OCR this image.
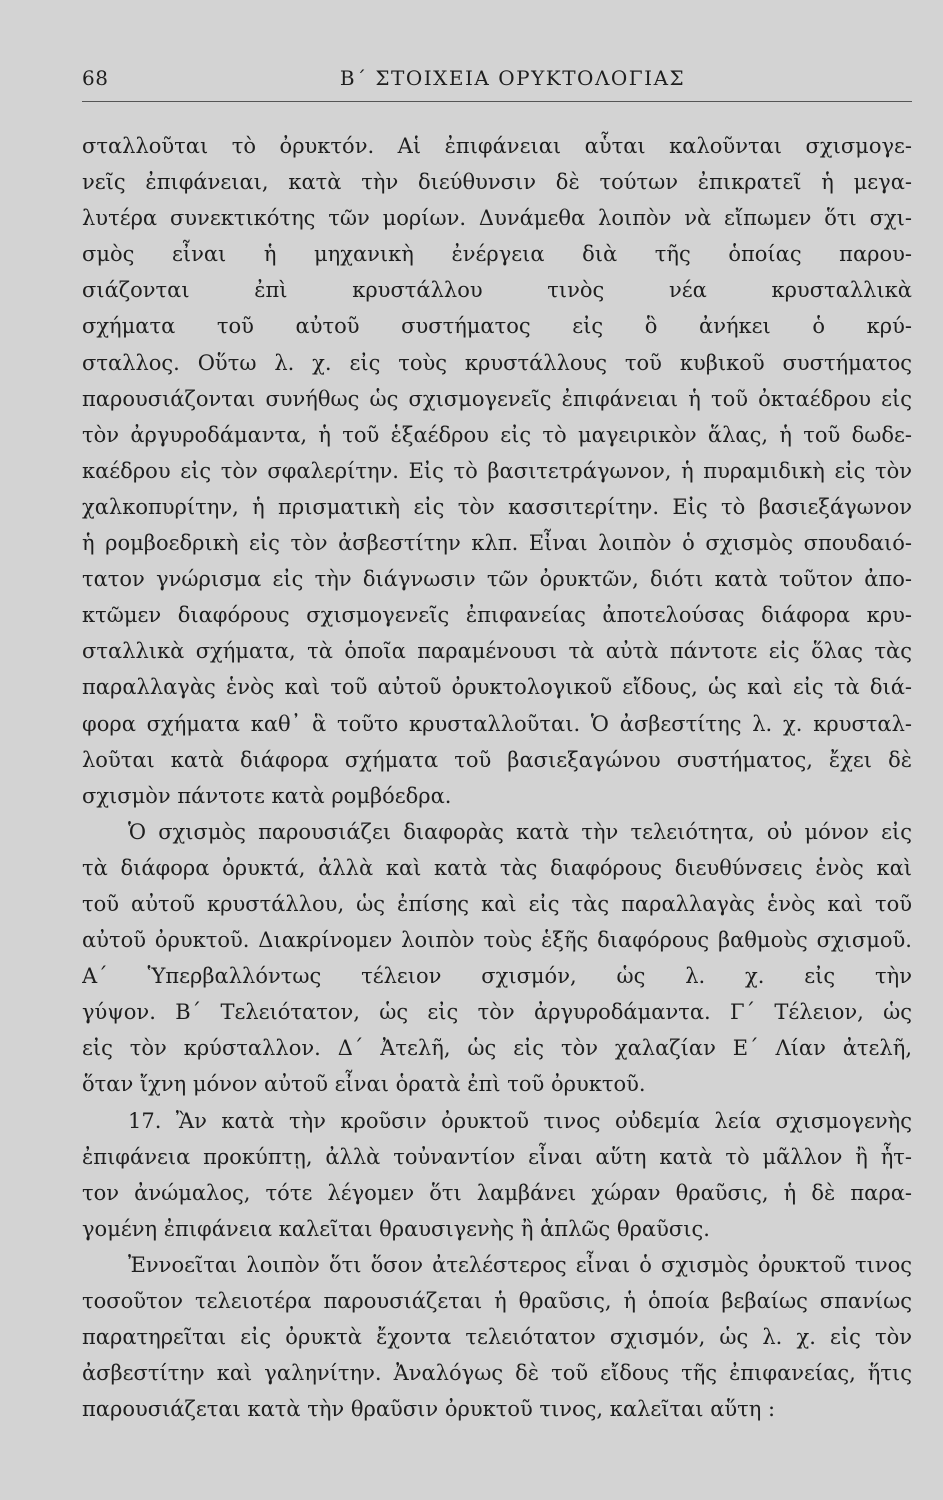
68	Β΄ ΣΤΟΙΧΕΙΑ ΟΡΥΚΤΟΛΟΓΙΑΣ
σταλλοῦται τὸ ὀρυκτόν. Αἱ ἐπιφάνειαι αὗται καλοῦνται σχισμογε-
νεῖς ἐπιφάνειαι, κατὰ τὴν διεύθυνσιν δὲ τούτων ἐπικρατεῖ ἡ μεγα-
λυτέρα συνεκτικότης τῶν μορίων. Δυνάμεθα λοιπὸν νὰ εἴπωμεν ὅτι σχι-
σμὸς εἶναι ἡ μηχανικὴ ἐνέργεια διὰ τῆς ὁποίας παρου-
σιάζονται ἐπὶ κρυστάλλου τινὸς νέα κρυσταλλικὰ
σχήματα τοῦ αὐτοῦ συστήματος εἰς ὃ ἀνήκει ὁ κρύ-
σταλλος. Οὕτω λ. χ. εἰς τοὺς κρυστάλλους τοῦ κυβικοῦ συστήματος
παρουσιάζονται συνήθως ὡς σχισμογενεῖς ἐπιφάνειαι ἡ τοῦ ὀκταέδρου εἰς
τὸν ἀργυροδάμαντα, ἡ τοῦ ἑξαέδρου εἰς τὸ μαγειρικὸν ἅλας, ἡ τοῦ δωδε-
καέδρου εἰς τὸν σφαλερίτην. Εἰς τὸ βασιτετράγωνον, ἡ πυραμιδικὴ εἰς τὸν
χαλκοπυρίτην, ἡ πρισματικὴ εἰς τὸν κασσιτερίτην. Εἰς τὸ βασιεξάγωνον
ἡ ρομβοεδρικὴ εἰς τὸν ἀσβεστίτην κλπ. Εἶναι λοιπὸν ὁ σχισμὸς σπουδαιό-
τατον γνώρισμα εἰς τὴν διάγνωσιν τῶν ὀρυκτῶν, διότι κατὰ τοῦτον ἀπο-
κτῶμεν διαφόρους σχισμογενεῖς ἐπιφανείας ἀποτελούσας διάφορα κρυ-
σταλλικὰ σχήματα, τὰ ὁποῖα παραμένουσι τὰ αὐτὰ πάντοτε εἰς ὅλας τὰς
παραλλαγὰς ἑνὸς καὶ τοῦ αὐτοῦ ὀρυκτολογικοῦ εἴδους, ὡς καὶ εἰς τὰ διά-
φορα σχήματα καθ᾿ ἃ τοῦτο κρυσταλλοῦται. Ὁ ἀσβεστίτης λ. χ. κρυσταλ-
λοῦται κατὰ διάφορα σχήματα τοῦ βασιεξαγώνου συστήματος, ἔχει δὲ
σχισμὸν πάντοτε κατὰ ρομβόεδρα.
Ὁ σχισμὸς παρουσιάζει διαφορὰς κατὰ τὴν τελειότητα, οὐ μόνον εἰς
τὰ διάφορα ὀρυκτά, ἀλλὰ καὶ κατὰ τὰς διαφόρους διευθύνσεις ἑνὸς καὶ
τοῦ αὐτοῦ κρυστάλλου, ὡς ἐπίσης καὶ εἰς τὰς παραλλαγὰς ἑνὸς καὶ τοῦ
αὐτοῦ ὀρυκτοῦ. Διακρίνομεν λοιπὸν τοὺς ἑξῆς διαφόρους βαθμοὺς σχισμοῦ.
Α΄ Ὑπερβαλλόντως τέλειον σχισμόν, ὡς λ. χ. εἰς τὴν
γύψον. Β΄ Τελειότατον, ὡς εἰς τὸν ἀργυροδάμαντα. Γ΄ Τέλειον, ὡς
εἰς τὸν κρύσταλλον. Δ΄ Ἀτελῆ, ὡς εἰς τὸν χαλαζίαν Ε΄ Λίαν ἀτελῆ,
ὅταν ἴχνη μόνον αὐτοῦ εἶναι ὁρατὰ ἐπὶ τοῦ ὀρυκτοῦ.
17. Ἂν κατὰ τὴν κροῦσιν ὀρυκτοῦ τινος οὐδεμία λεία σχισμογενὴς
ἐπιφάνεια προκύπτῃ, ἀλλὰ τοὐναντίον εἶναι αὕτη κατὰ τὸ μᾶλλον ἢ ἧτ-
τον ἀνώμαλος, τότε λέγομεν ὅτι λαμβάνει χώραν θραῦσις, ἡ δὲ παρα-
γομένη ἐπιφάνεια καλεῖται θραυσιγενὴς ἢ ἁπλῶς θραῦσις.
Ἐννοεῖται λοιπὸν ὅτι ὅσον ἀτελέστερος εἶναι ὁ σχισμὸς ὀρυκτοῦ τινος
τοσοῦτον τελειοτέρα παρουσιάζεται ἡ θραῦσις, ἡ ὁποία βεβαίως σπανίως
παρατηρεῖται εἰς ὀρυκτὰ ἔχοντα τελειότατον σχισμόν, ὡς λ. χ. εἰς τὸν
ἀσβεστίτην καὶ γαληνίτην. Ἀναλόγως δὲ τοῦ εἴδους τῆς ἐπιφανείας, ἥτις
παρουσιάζεται κατὰ τὴν θραῦσιν ὀρυκτοῦ τινος, καλεῖται αὕτη :
